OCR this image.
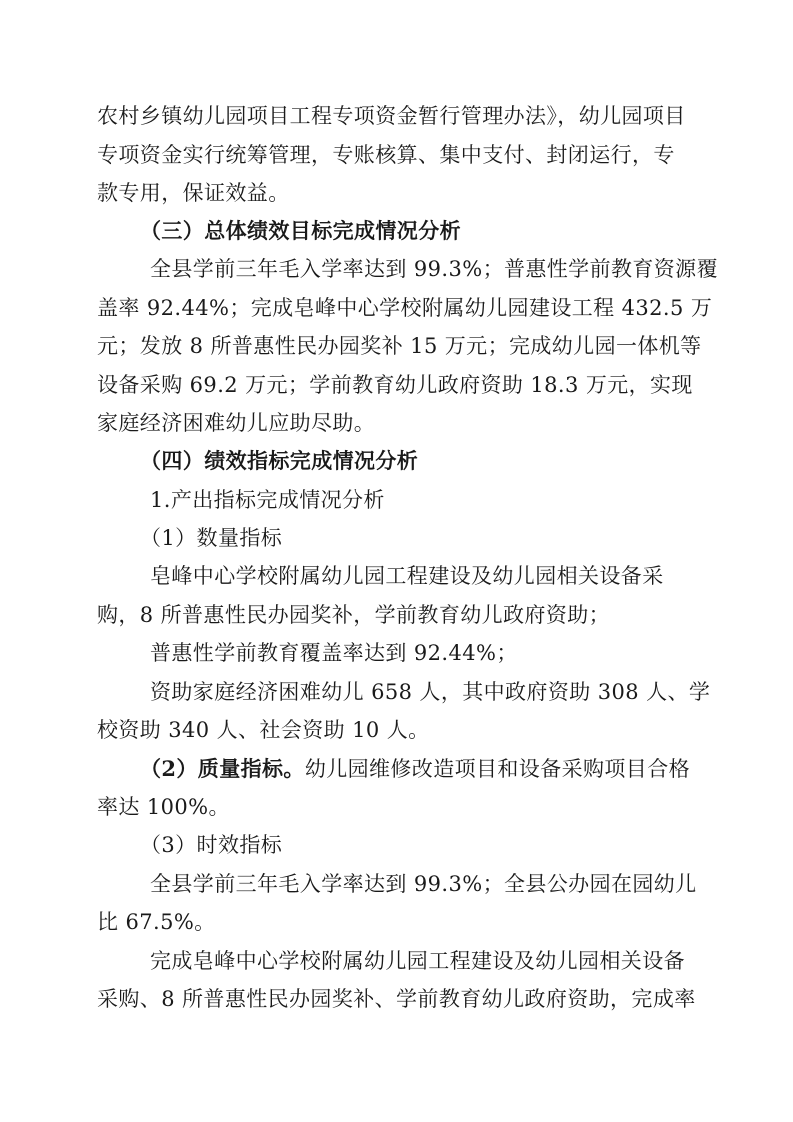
农村乡镇幼儿园项目工程专项资金暂行管理办法》，幼儿园项目
专项资金实行统筹管理，专账核算、集中支付、封闭运行，专
款专用，保证效益。
（三）总体绩效目标完成情况分析
全县学前三年毛入学率达到 99.3%；普惠性学前教育资源覆
盖率 92.44%；完成皂峰中心学校附属幼儿园建设工程 432.5 万
元；发放 8 所普惠性民办园奖补 15 万元；完成幼儿园一体机等
设备采购 69.2 万元；学前教育幼儿政府资助 18.3 万元，实现
家庭经济困难幼儿应助尽助。
（四）绩效指标完成情况分析
1.产出指标完成情况分析
（1）数量指标
皂峰中心学校附属幼儿园工程建设及幼儿园相关设备采
购，8 所普惠性民办园奖补，学前教育幼儿政府资助；
普惠性学前教育覆盖率达到 92.44%；
资助家庭经济困难幼儿 658 人，其中政府资助 308 人、学
校资助 340 人、社会资助 10 人。
（2）质量指标。幼儿园维修改造项目和设备采购项目合格
率达 100%。
（3）时效指标
全县学前三年毛入学率达到 99.3%；全县公办园在园幼儿
比 67.5%。
完成皂峰中心学校附属幼儿园工程建设及幼儿园相关设备
采购、8 所普惠性民办园奖补、学前教育幼儿政府资助，完成率
